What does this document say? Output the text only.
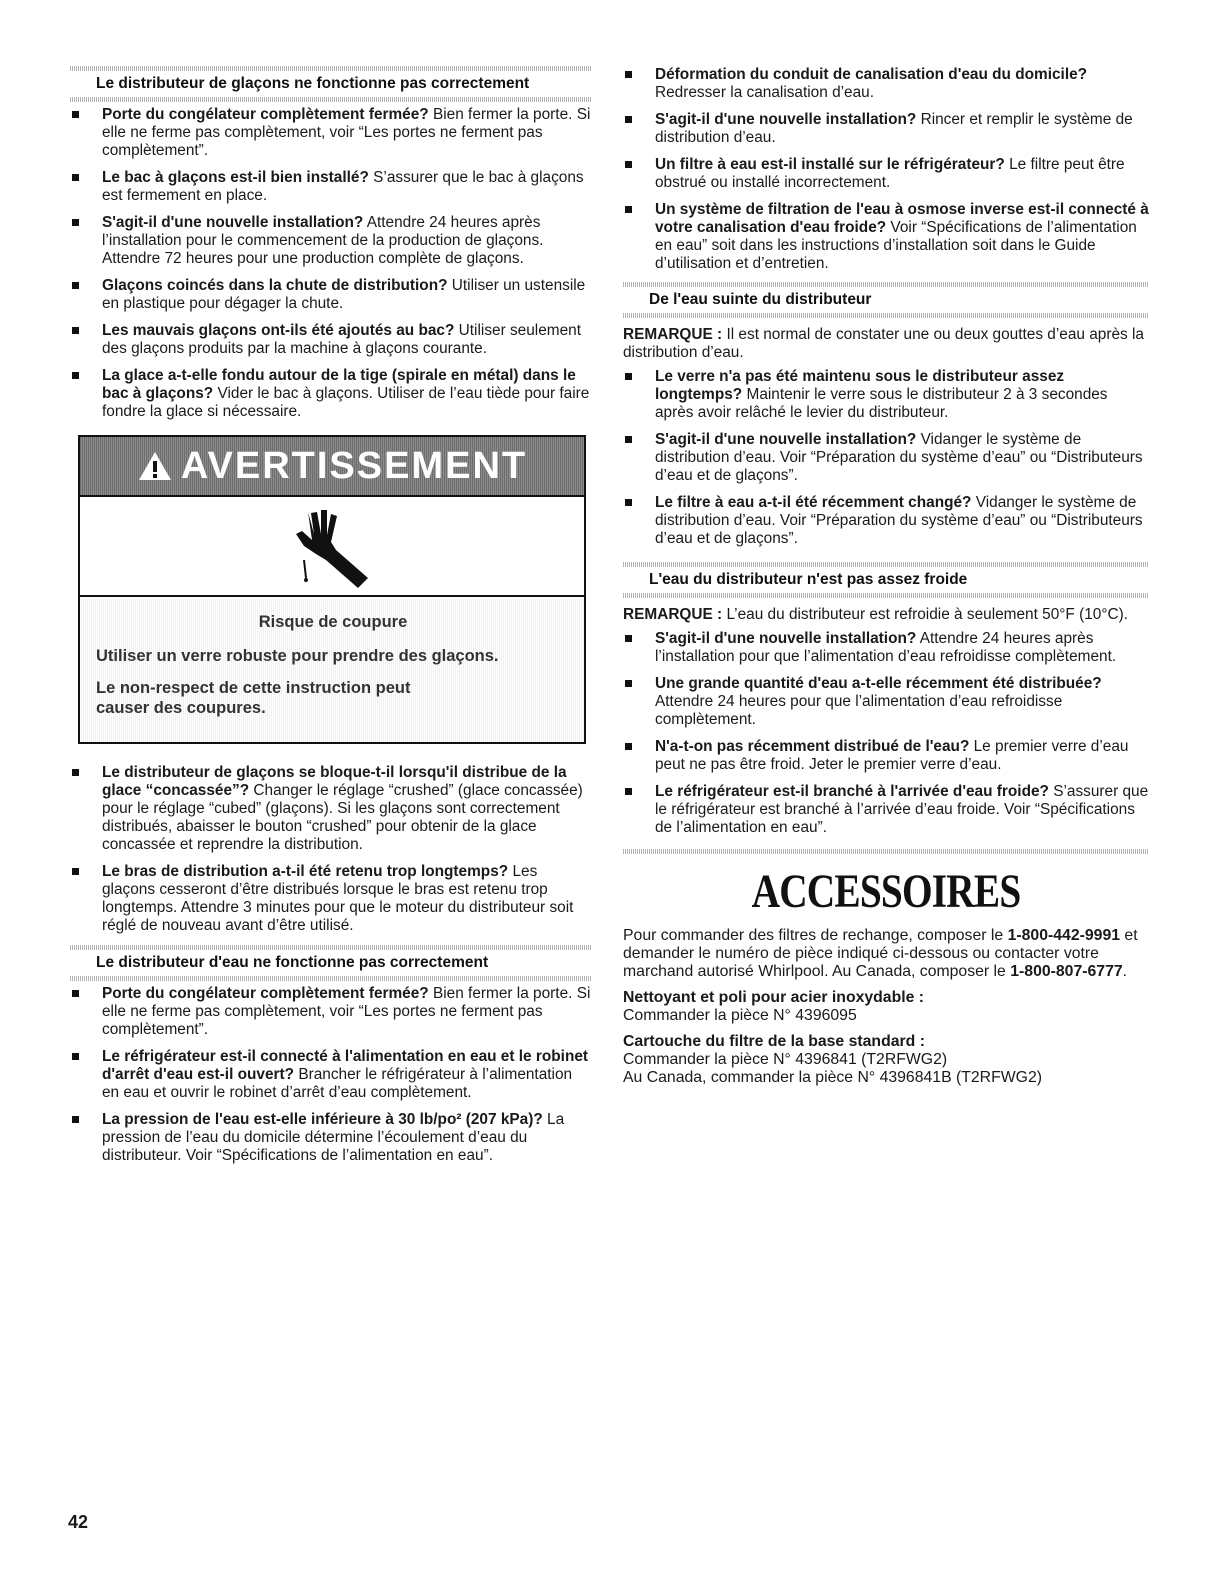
Le distributeur de glaçons ne fonctionne pas correctement
Porte du congélateur complètement fermée? Bien fermer la porte. Si elle ne ferme pas complètement, voir “Les portes ne ferment pas complètement”.
Le bac à glaçons est-il bien installé? S’assurer que le bac à glaçons est fermement en place.
S'agit-il d'une nouvelle installation? Attendre 24 heures après l’installation pour le commencement de la production de glaçons. Attendre 72 heures pour une production complète de glaçons.
Glaçons coincés dans la chute de distribution? Utiliser un ustensile en plastique pour dégager la chute.
Les mauvais glaçons ont-ils été ajoutés au bac? Utiliser seulement des glaçons produits par la machine à glaçons courante.
La glace a-t-elle fondu autour de la tige (spirale en métal) dans le bac à glaçons? Vider le bac à glaçons. Utiliser de l’eau tiède pour faire fondre la glace si nécessaire.
AVERTISSEMENT
Risque de coupure
Utiliser un verre robuste pour prendre des glaçons.
Le non-respect de cette instruction peut causer des coupures.
Le distributeur de glaçons se bloque-t-il lorsqu'il distribue de la glace “concassée”? Changer le réglage “crushed” (glace concassée) pour le réglage “cubed” (glaçons). Si les glaçons sont correctement distribués, abaisser le bouton “crushed” pour obtenir de la glace concassée et reprendre la distribution.
Le bras de distribution a-t-il été retenu trop longtemps? Les glaçons cesseront d’être distribués lorsque le bras est retenu trop longtemps. Attendre 3 minutes pour que le moteur du distributeur soit réglé de nouveau avant d’être utilisé.
Le distributeur d'eau ne fonctionne pas correctement
Porte du congélateur complètement fermée? Bien fermer la porte. Si elle ne ferme pas complètement, voir “Les portes ne ferment pas complètement”.
Le réfrigérateur est-il connecté à l'alimentation en eau et le robinet d'arrêt d'eau est-il ouvert? Brancher le réfrigérateur à l’alimentation en eau et ouvrir le robinet d’arrêt d’eau complètement.
La pression de l'eau est-elle inférieure à 30 lb/po² (207 kPa)? La pression de l’eau du domicile détermine l’écoulement d’eau du distributeur. Voir “Spécifications de l’alimentation en eau”.
Déformation du conduit de canalisation d'eau du domicile? Redresser la canalisation d’eau.
S'agit-il d'une nouvelle installation? Rincer et remplir le système de distribution d’eau.
Un filtre à eau est-il installé sur le réfrigérateur? Le filtre peut être obstrué ou installé incorrectement.
Un système de filtration de l'eau à osmose inverse est-il connecté à votre canalisation d'eau froide? Voir “Spécifications de l’alimentation en eau” soit dans les instructions d’installation soit dans le Guide d’utilisation et d’entretien.
De l'eau suinte du distributeur
REMARQUE : Il est normal de constater une ou deux gouttes d’eau après la distribution d’eau.
Le verre n'a pas été maintenu sous le distributeur assez longtemps? Maintenir le verre sous le distributeur 2 à 3 secondes après avoir relâché le levier du distributeur.
S'agit-il d'une nouvelle installation? Vidanger le système de distribution d’eau. Voir “Préparation du système d’eau” ou “Distributeurs d’eau et de glaçons”.
Le filtre à eau a-t-il été récemment changé? Vidanger le système de distribution d’eau. Voir “Préparation du système d’eau” ou “Distributeurs d’eau et de glaçons”.
L'eau du distributeur n'est pas assez froide
REMARQUE : L’eau du distributeur est refroidie à seulement 50°F (10°C).
S'agit-il d'une nouvelle installation? Attendre 24 heures après l’installation pour que l’alimentation d’eau refroidisse complètement.
Une grande quantité d'eau a-t-elle récemment été distribuée? Attendre 24 heures pour que l’alimentation d’eau refroidisse complètement.
N'a-t-on pas récemment distribué de l'eau? Le premier verre d’eau peut ne pas être froid. Jeter le premier verre d’eau.
Le réfrigérateur est-il branché à l'arrivée d'eau froide? S’assurer que le réfrigérateur est branché à l’arrivée d’eau froide. Voir “Spécifications de l’alimentation en eau”.
ACCESSOIRES
Pour commander des filtres de rechange, composer le 1-800-442-9991 et demander le numéro de pièce indiqué ci-dessous ou contacter votre marchand autorisé Whirlpool. Au Canada, composer le 1-800-807-6777.
Nettoyant et poli pour acier inoxydable :
Commander la pièce N° 4396095
Cartouche du filtre de la base standard :
Commander la pièce N° 4396841 (T2RFWG2)
Au Canada, commander la pièce N° 4396841B (T2RFWG2)
42
